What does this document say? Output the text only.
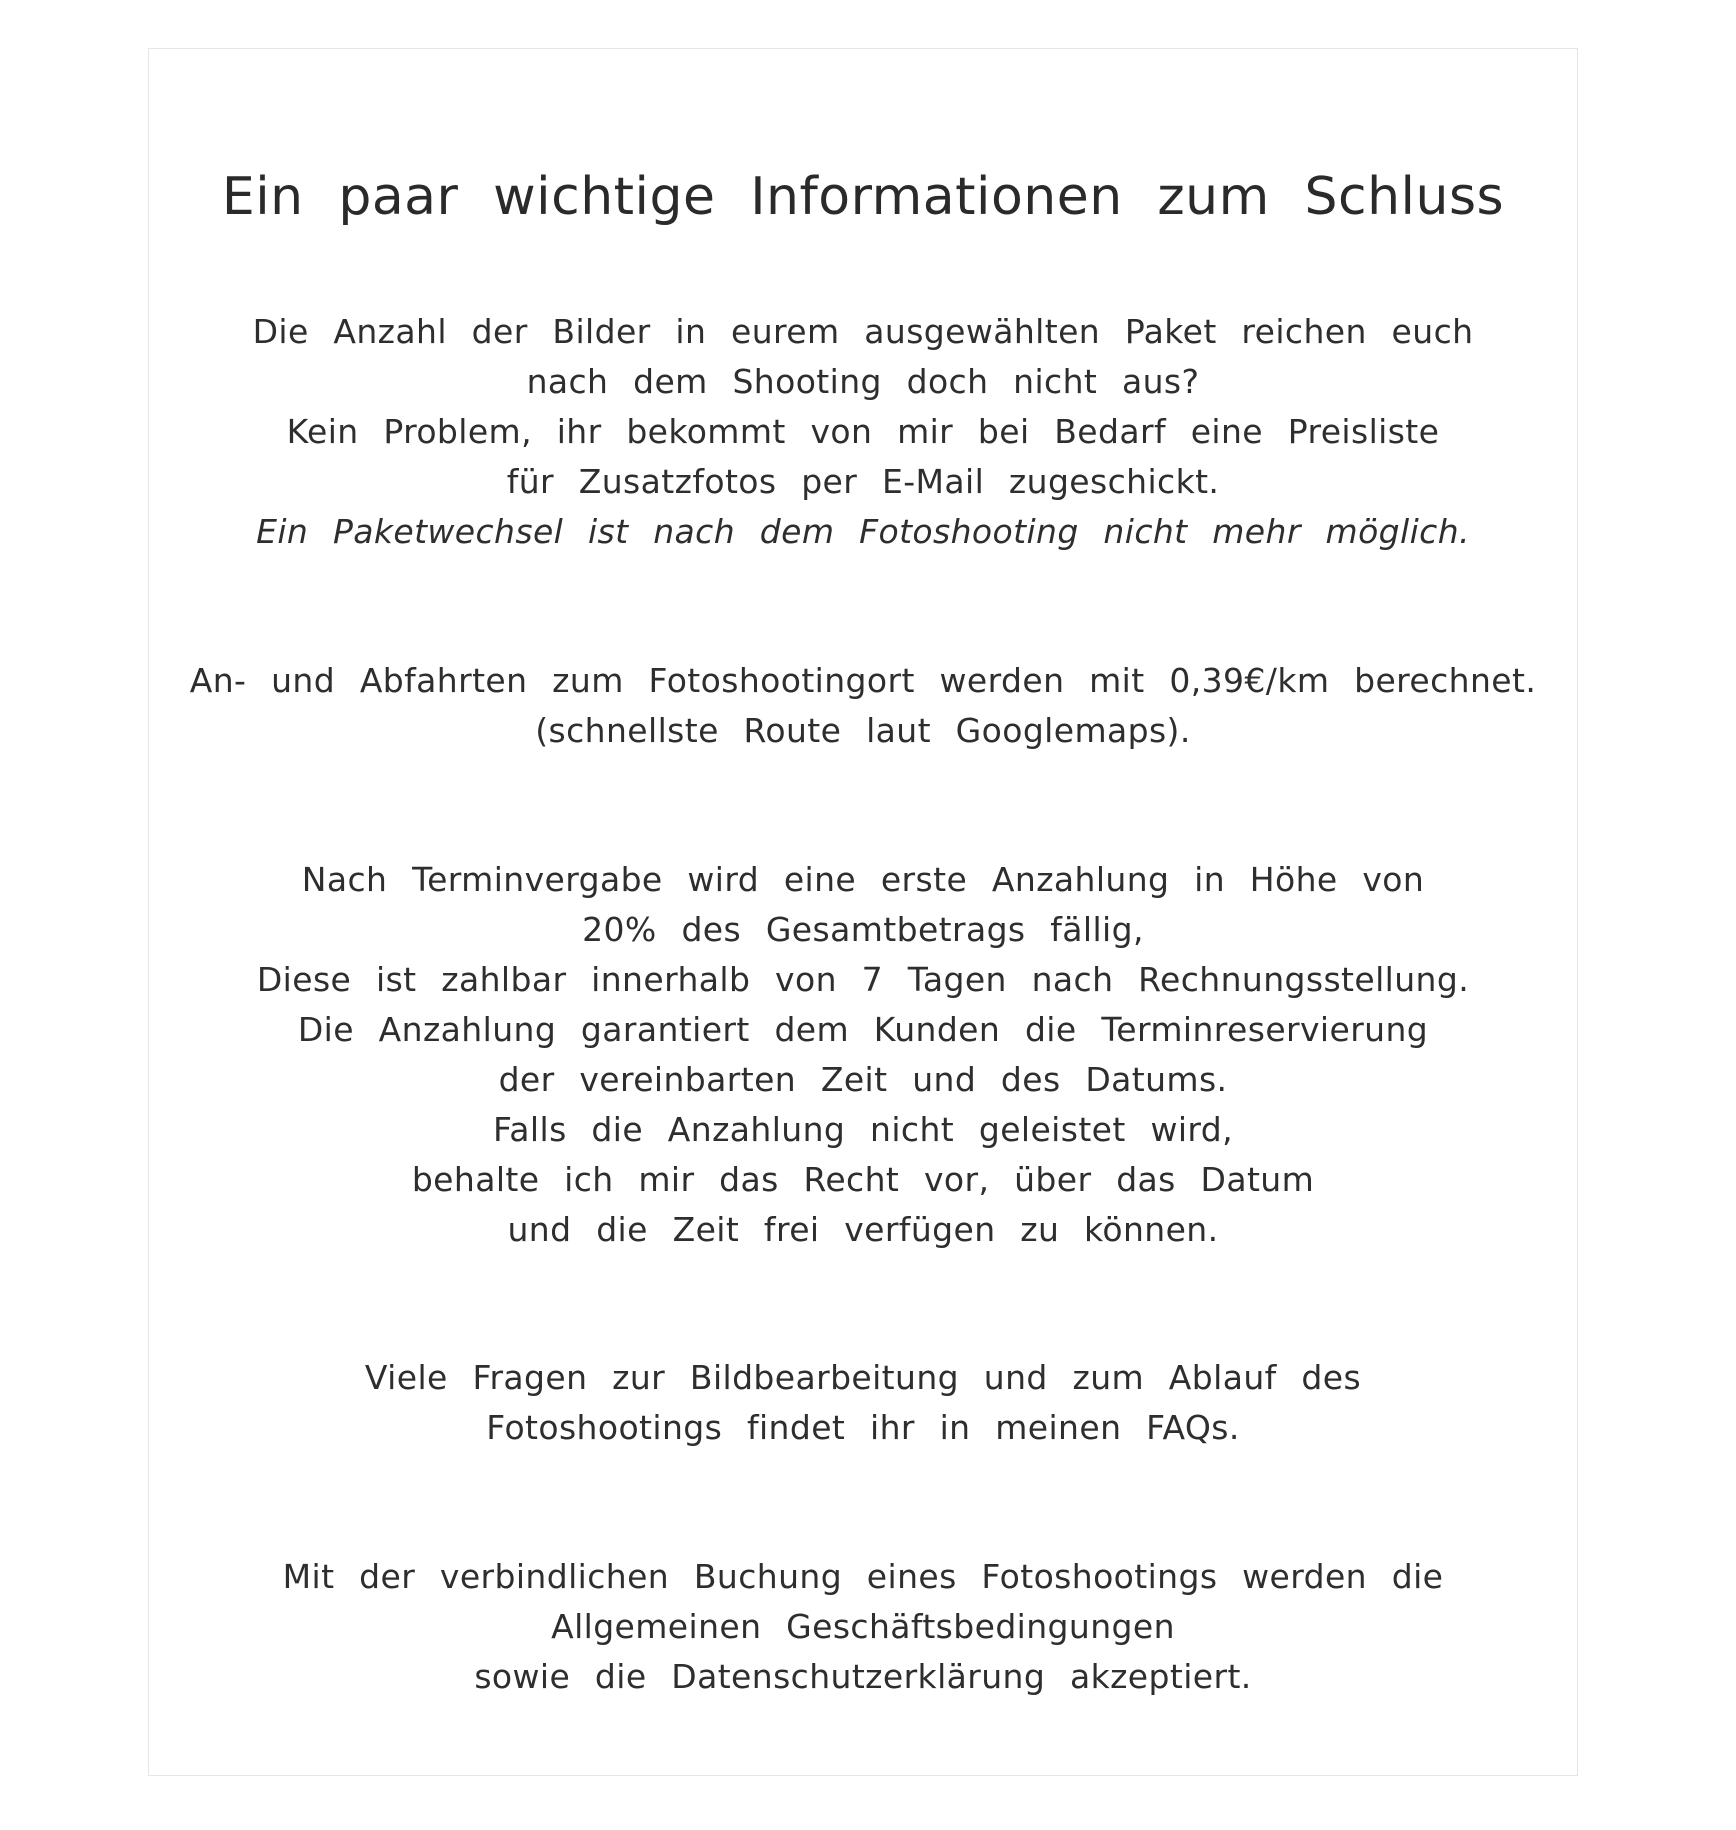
Ein paar wichtige Informationen zum Schluss
Die Anzahl der Bilder in eurem ausgewählten Paket reichen euch
nach dem Shooting doch nicht aus?
Kein Problem, ihr bekommt von mir bei Bedarf eine Preisliste
für Zusatzfotos per E-Mail zugeschickt.
Ein Paketwechsel ist nach dem Fotoshooting nicht mehr möglich.
An- und Abfahrten zum Fotoshootingort werden mit 0,39€/km berechnet.
(schnellste Route laut Googlemaps).
Nach Terminvergabe wird eine erste Anzahlung in Höhe von
20% des Gesamtbetrags fällig,
Diese ist zahlbar innerhalb von 7 Tagen nach Rechnungsstellung.
Die Anzahlung garantiert dem Kunden die Terminreservierung
der vereinbarten Zeit und des Datums.
Falls die Anzahlung nicht geleistet wird,
behalte ich mir das Recht vor, über das Datum
und die Zeit frei verfügen zu können.
Viele Fragen zur Bildbearbeitung und zum Ablauf des
Fotoshootings findet ihr in meinen FAQs.
Mit der verbindlichen Buchung eines Fotoshootings werden die
Allgemeinen Geschäftsbedingungen
sowie die Datenschutzerklärung akzeptiert.
